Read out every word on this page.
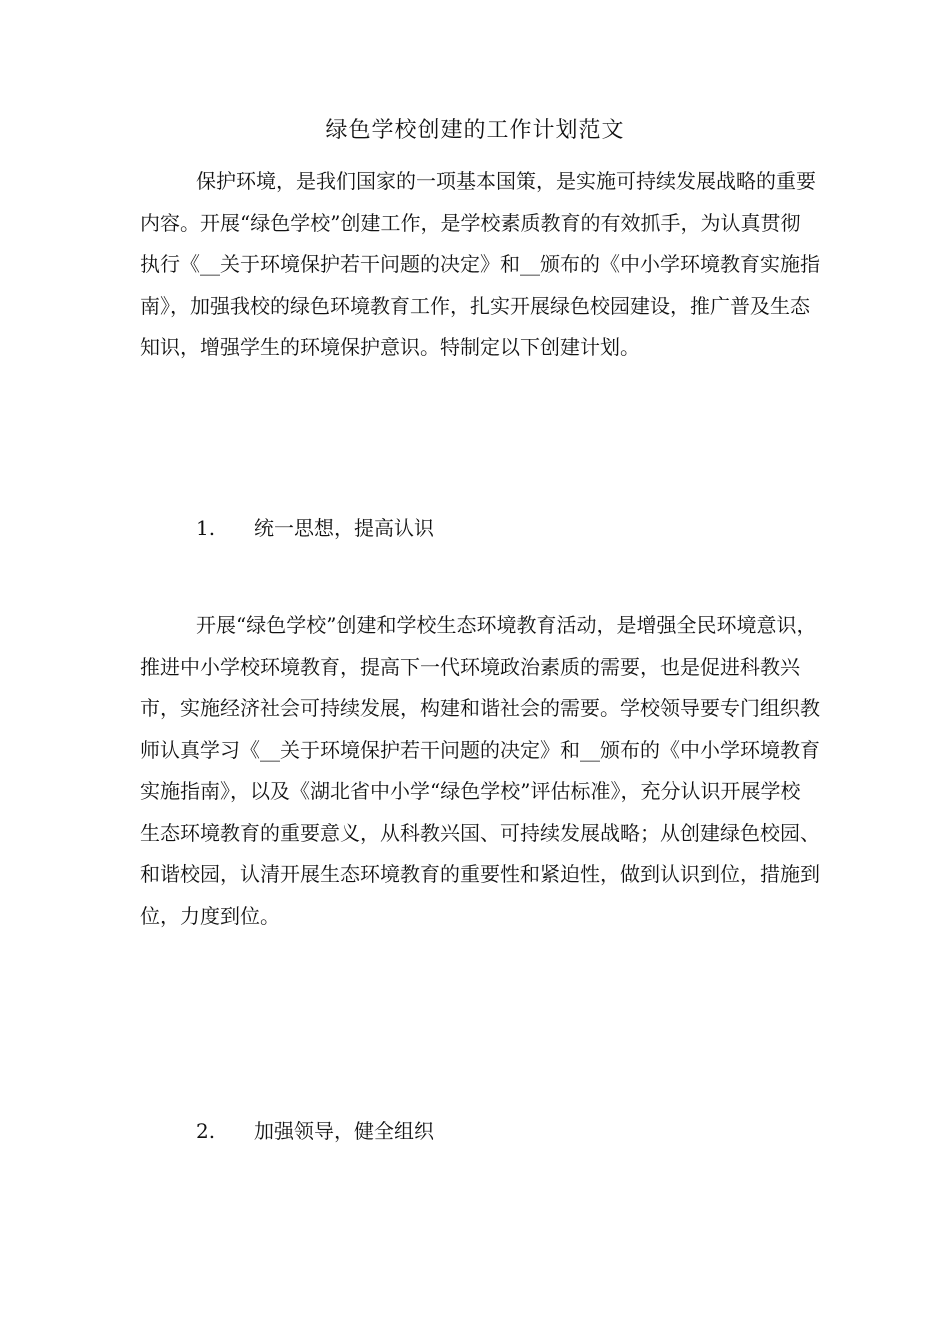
绿色学校创建的工作计划范文

保护环境，是我们国家的一项基本国策，是实施可持续发展战略的重要内容。开展“绿色学校”创建工作，是学校素质教育的有效抓手，为认真贯彻执行《__关于环境保护若干问题的决定》和__颁布的《中小学环境教育实施指南》，加强我校的绿色环境教育工作，扎实开展绿色校园建设，推广普及生态知识，增强学生的环境保护意识。特制定以下创建计划。

1. 统一思想，提高认识

开展“绿色学校”创建和学校生态环境教育活动，是增强全民环境意识，推进中小学校环境教育，提高下一代环境政治素质的需要，也是促进科教兴市，实施经济社会可持续发展，构建和谐社会的需要。学校领导要专门组织教师认真学习《__关于环境保护若干问题的决定》和__颁布的《中小学环境教育实施指南》，以及《湖北省中小学“绿色学校”评估标准》，充分认识开展学校生态环境教育的重要意义，从科教兴国、可持续发展战略；从创建绿色校园、和谐校园，认清开展生态环境教育的重要性和紧迫性，做到认识到位，措施到位，力度到位。

2. 加强领导，健全组织
